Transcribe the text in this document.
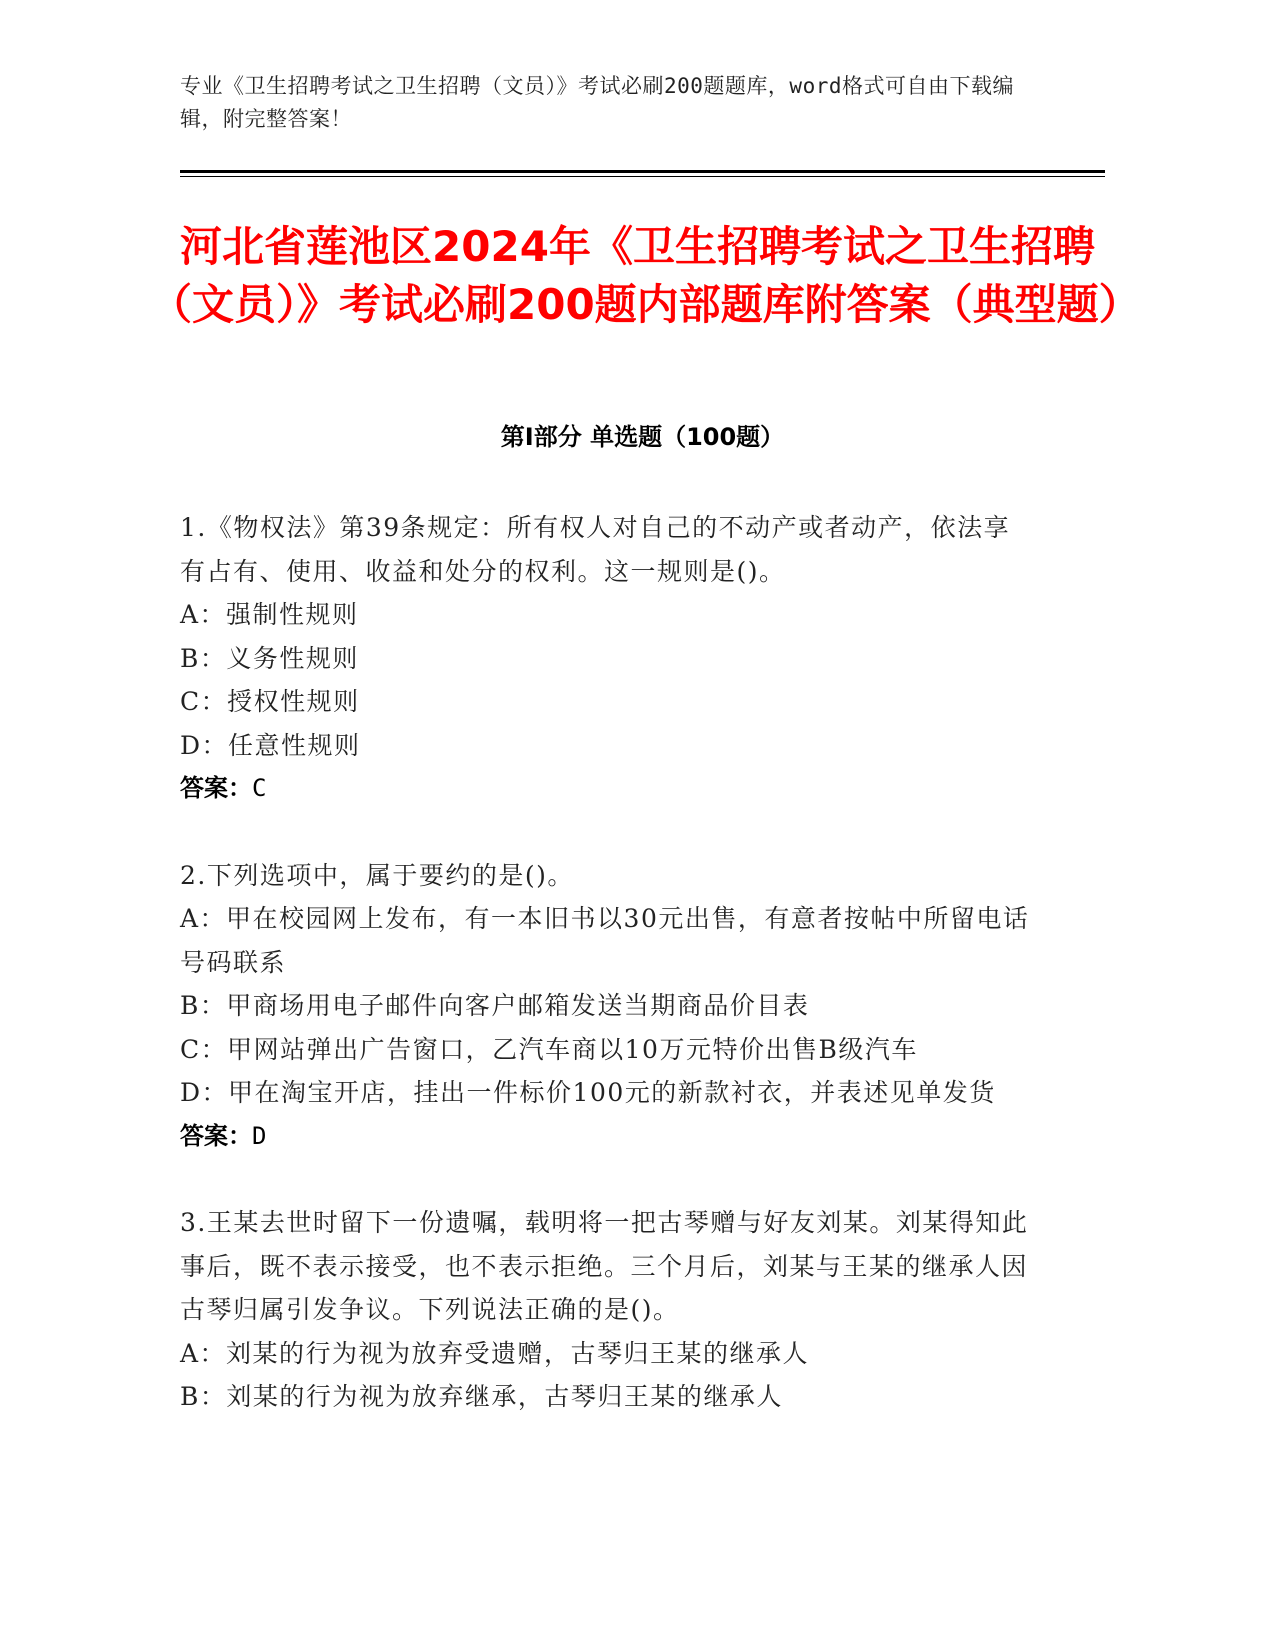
专业《卫生招聘考试之卫生招聘（文员）》考试必刷200题题库，word格式可自由下载编辑，附完整答案！
河北省莲池区2024年《卫生招聘考试之卫生招聘（文员）》考试必刷200题内部题库附答案（典型题）
第Ⅰ部分 单选题（100题）

1.《物权法》第39条规定：所有权人对自己的不动产或者动产，依法享有占有、使用、收益和处分的权利。这一规则是()。

A：强制性规则

B：义务性规则

C：授权性规则

D：任意性规则

答案：C

2.下列选项中，属于要约的是()。

A：甲在校园网上发布，有一本旧书以30元出售，有意者按帖中所留电话号码联系

B：甲商场用电子邮件向客户邮箱发送当期商品价目表

C：甲网站弹出广告窗口，乙汽车商以10万元特价出售B级汽车

D：甲在淘宝开店，挂出一件标价100元的新款衬衣，并表述见单发货

答案：D

3.王某去世时留下一份遗嘱，载明将一把古琴赠与好友刘某。刘某得知此事后，既不表示接受，也不表示拒绝。三个月后，刘某与王某的继承人因古琴归属引发争议。下列说法正确的是()。

A：刘某的行为视为放弃受遗赠，古琴归王某的继承人

B：刘某的行为视为放弃继承，古琴归王某的继承人
